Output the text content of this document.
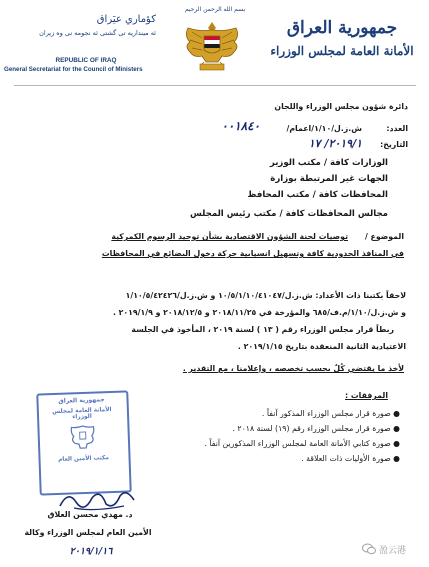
بسم الله الرحمن الرحيم
كؤماري عيَراق
ئه مينداريه تى گشتى ئه نجومه نى وه زيران
REPUBLIC OF IRAQ
General Secretariat for the Council of Ministers
جمهورية العراق
الأمانة العامة لمجلس الوزراء
دائرة شؤون مجلس الوزراء واللجان
العدد:
ش.ز.ل/١/١٠/اعمام/
٠٠١٨٤٠
التاريخ:
٢٠١٩/١/ ١٧
الوزارات كافة / مكتب الوزير
الجهات غير المرتبطة بوزارة
المحافظات كافة / مكتب المحافظ
مجالس المحافظات كافة / مكتب رئيس المجلس
الموضوع /
توصيات لجنة الشؤون الاقتصادية بشأن توحيد الرسوم الكمركية
في المنافذ الحدودية كافة وتسهيل انسيابية حركة دخول البضائع في المحافظات
لاحقاً بكتبنا ذات الأعداد: ش.ز.ل/١٠/٥/١/١٠/٤١٠٤٧ و ش.ز.ل/١/١٠/٥/٤٢٤٢٦
و ش.ز.ل/١/١٠/م.ف/٦٨٥ والمؤرخة في ٢٠١٨/١١/٢٥ و ٢٠١٨/١٢/٥ و ٢٠١٩/١/٩ .
ربطاً قرار مجلس الوزراء رقم ( ١٣ ) لسنة ٢٠١٩ ، المأخوذ في الجلسة
الاعتيادية الثانية المنعقدة بتاريخ ٢٠١٩/١/١٥ .
لأخذ ما يقتضي كُلٌ بحسب تخصصه ، وإعلامنا ، مع التقدير .
المرفقات :
● صورة قرار مجلس الوزراء المذكور آنفاً .
● صورة قرار مجلس الوزراء رقم (١٩) لسنة ٢٠١٨ .
● صورة كتابي الأمانة العامة لمجلس الوزراء المذكورين آنفاً .
● صورة الأوليات ذات العلاقة .
جمهورية العراق
الأمانة العامة لمجلس الوزراء
مكتب الأمين العام
د. مهدي محسن العلاق
الأمين العام لمجلس الوزراء وكالة
٢٠١٩/١/١٦	盈云港
